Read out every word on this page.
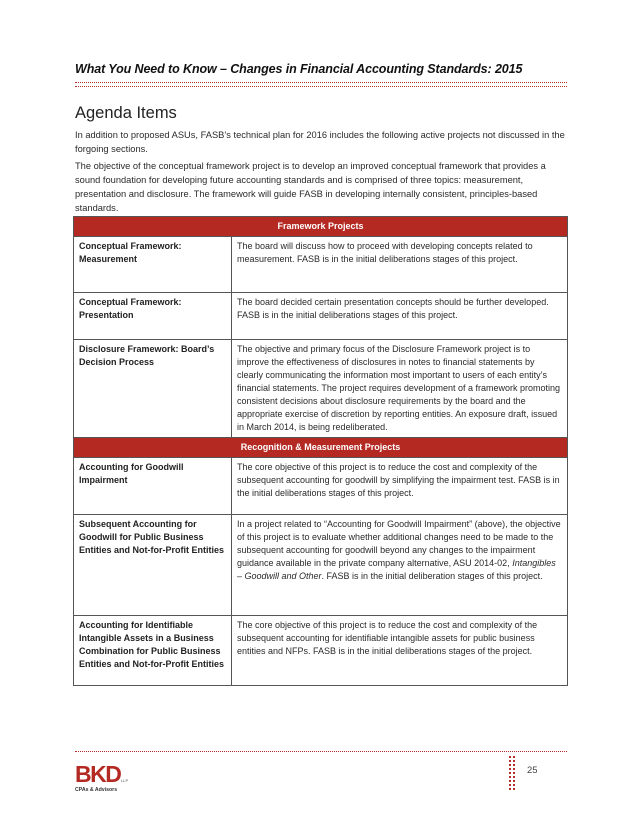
What You Need to Know – Changes in Financial Accounting Standards: 2015
Agenda Items

In addition to proposed ASUs, FASB’s technical plan for 2016 includes the following active projects not discussed in the forgoing sections.

The objective of the conceptual framework project is to develop an improved conceptual framework that provides a sound foundation for developing future accounting standards and is comprised of three topics: measurement, presentation and disclosure. The framework will guide FASB in developing internally consistent, principles-based standards.

Framework Projects	
Conceptual Framework: Measurement	The board will discuss how to proceed with developing concepts related to measurement. FASB is in the initial deliberations stages of this project.
Conceptual Framework: Presentation	The board decided certain presentation concepts should be further developed. FASB is in the initial deliberations stages of this project.
Disclosure Framework: Board’s Decision Process	The objective and primary focus of the Disclosure Framework project is to improve the effectiveness of disclosures in notes to financial statements by clearly communicating the information most important to users of each entity’s financial statements. The project requires development of a framework promoting consistent decisions about disclosure requirements by the board and the appropriate exercise of discretion by reporting entities. An exposure draft, issued in March 2014, is being redeliberated.
Recognition & Measurement Projects	
Accounting for Goodwill Impairment	The core objective of this project is to reduce the cost and complexity of the subsequent accounting for goodwill by simplifying the impairment test. FASB is in the initial deliberations stages of this project.
Subsequent Accounting for Goodwill for Public Business Entities and Not-for-Profit Entities	In a project related to “Accounting for Goodwill Impairment” (above), the objective of this project is to evaluate whether additional changes need to be made to the subsequent accounting for goodwill beyond any changes to the impairment guidance available in the private company alternative, ASU 2014-02, Intangibles – Goodwill and Other. FASB is in the initial deliberation stages of this project.
Accounting for Identifiable Intangible Assets in a Business Combination for Public Business Entities and Not-for-Profit Entities	The core objective of this project is to reduce the cost and complexity of the subsequent accounting for identifiable intangible assets for public business entities and NFPs. FASB is in the initial deliberations stages of the project.
BKD LLP
CPAs & Advisors
25
